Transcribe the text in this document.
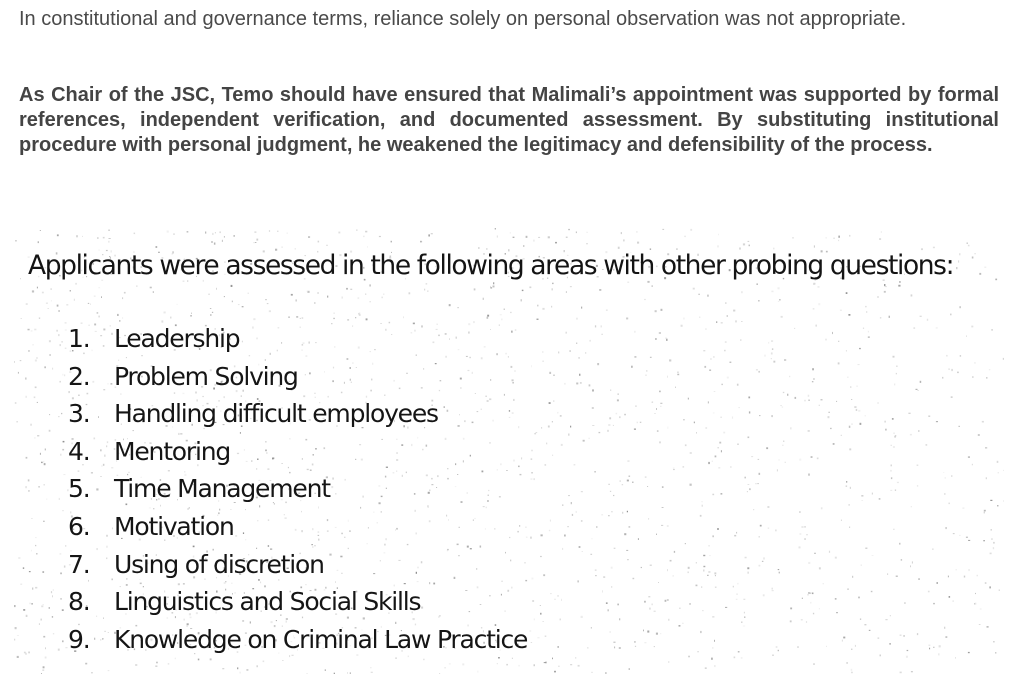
In constitutional and governance terms, reliance solely on personal observation was not appropriate.

As Chair of the JSC, Temo should have ensured that Malimali’s appointment was supported by formal references, independent verification, and documented assessment. By substituting institutional procedure with personal judgment, he weakened the legitimacy and defensibility of the process.

Applicants were assessed in the following areas with other probing questions:
1. Leadership
2. Problem Solving
3. Handling difficult employees
4. Mentoring
5. Time Management
6. Motivation
7. Using of discretion
8. Linguistics and Social Skills
9. Knowledge on Criminal Law Practice
